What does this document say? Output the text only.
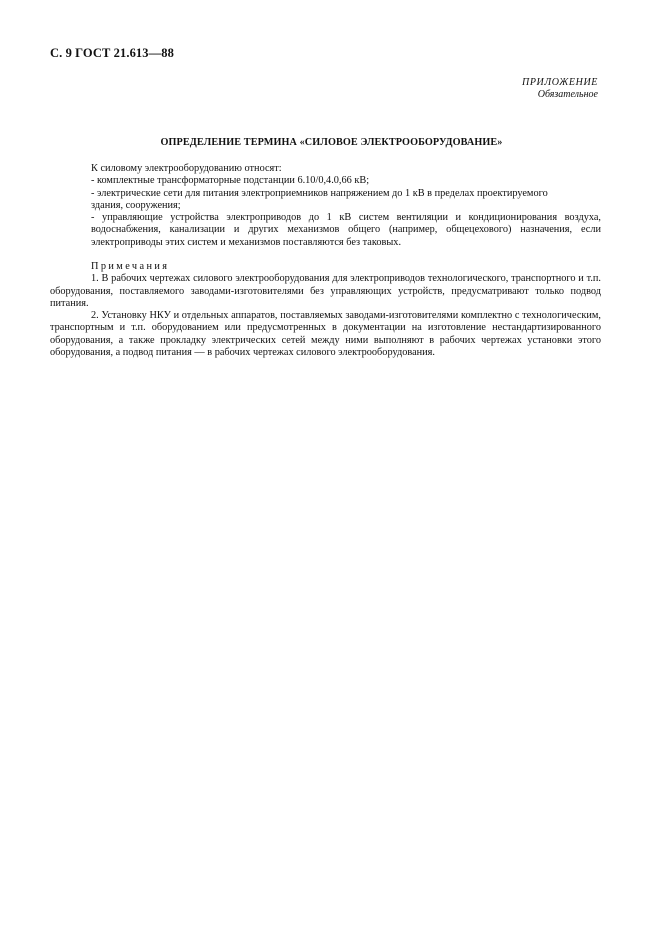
С. 9 ГОСТ 21.613—88
ПРИЛОЖЕНИЕ
Обязательное
ОПРЕДЕЛЕНИЕ ТЕРМИНА «СИЛОВОЕ ЭЛЕКТРООБОРУДОВАНИЕ»

К силовому электрооборудованию относят:

- комплектные трансформаторные подстанции 6.10/0,4.0,66 кВ;

- электрические сети для питания электроприемников напряжением до 1 кВ в пределах проектируемого

здания, сооружения;

- управляющие устройства электроприводов до 1 кВ систем вентиляции и кондиционирования воздуха,

водоснабжения, канализации и других механизмов общего (например, общецехового) назначения, если электроприводы этих систем и механизмов поставляются без таковых.

Примечания

1. В рабочих чертежах силового электрооборудования для электроприводов технологического, транспортного и т.п. оборудования, поставляемого заводами-изготовителями без управляющих устройств, предусматривают только подвод питания.

2. Установку НКУ и отдельных аппаратов, поставляемых заводами-изготовителями комплектно с технологическим, транспортным и т.п. оборудованием или предусмотренных в документации на изготовление нестандартизированного оборудования, а также прокладку электрических сетей между ними выполняют в рабочих чертежах установки этого оборудования, а подвод питания — в рабочих чертежах силового электрооборудования.
